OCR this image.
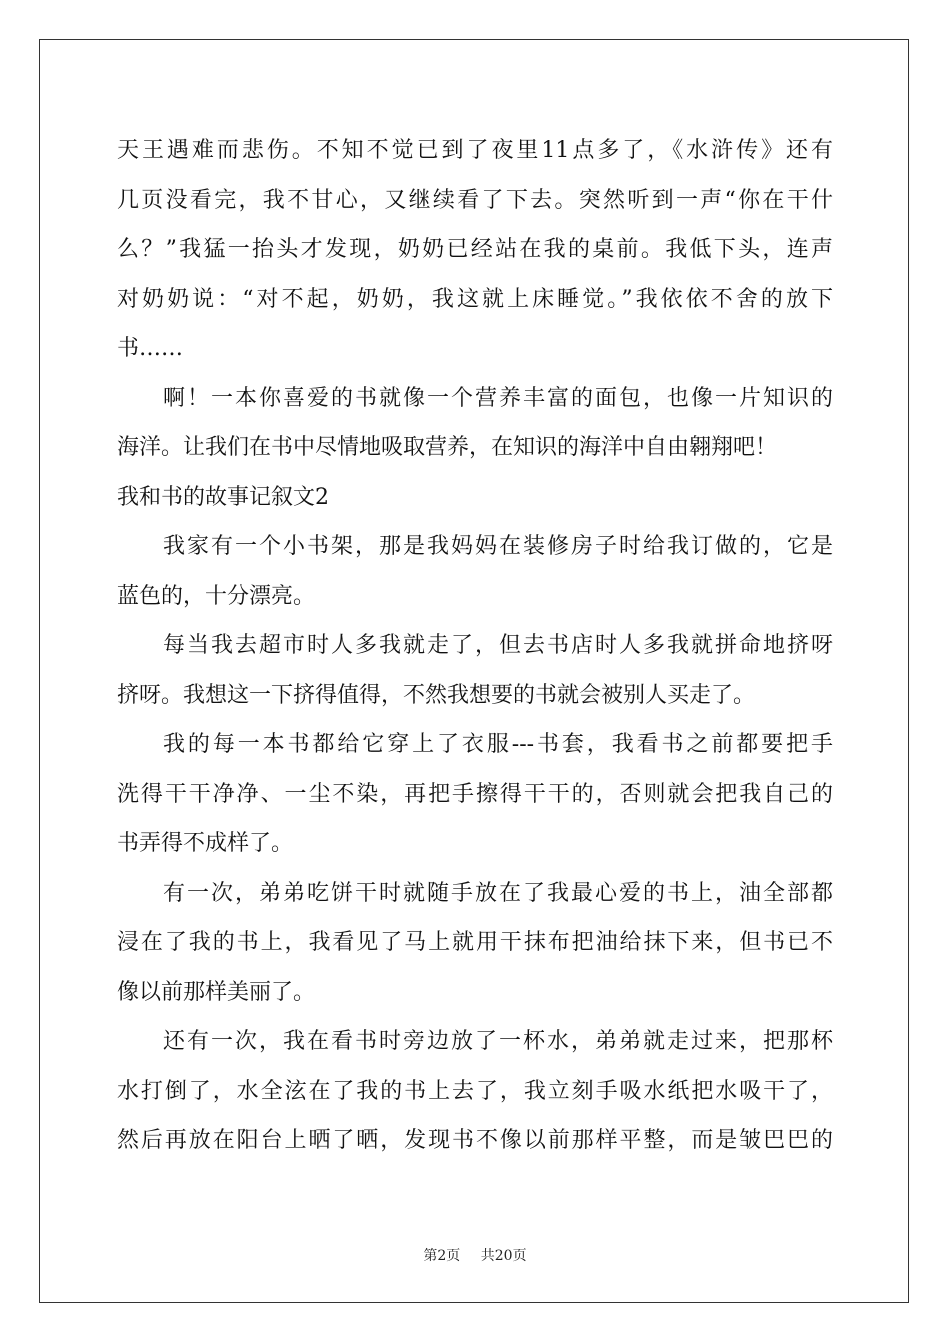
天王遇难而悲伤。不知不觉已到了夜里11点多了，《水浒传》还有
几页没看完，我不甘心，又继续看了下去。突然听到一声“你在干什
么？”我猛一抬头才发现，奶奶已经站在我的桌前。我低下头，连声
对奶奶说：“对不起，奶奶，我这就上床睡觉。”我依依不舍的放下
书……
啊！一本你喜爱的书就像一个营养丰富的面包，也像一片知识的
海洋。让我们在书中尽情地吸取营养，在知识的海洋中自由翱翔吧！
我和书的故事记叙文2
我家有一个小书架，那是我妈妈在装修房子时给我订做的，它是
蓝色的，十分漂亮。
每当我去超市时人多我就走了，但去书店时人多我就拼命地挤呀
挤呀。我想这一下挤得值得，不然我想要的书就会被别人买走了。
我的每一本书都给它穿上了衣服---书套，我看书之前都要把手
洗得干干净净、一尘不染，再把手擦得干干的，否则就会把我自己的
书弄得不成样了。
有一次，弟弟吃饼干时就随手放在了我最心爱的书上，油全部都
浸在了我的书上，我看见了马上就用干抹布把油给抹下来，但书已不
像以前那样美丽了。
还有一次，我在看书时旁边放了一杯水，弟弟就走过来，把那杯
水打倒了，水全泫在了我的书上去了，我立刻手吸水纸把水吸干了，
然后再放在阳台上晒了晒，发现书不像以前那样平整，而是皱巴巴的
第2页 共20页
